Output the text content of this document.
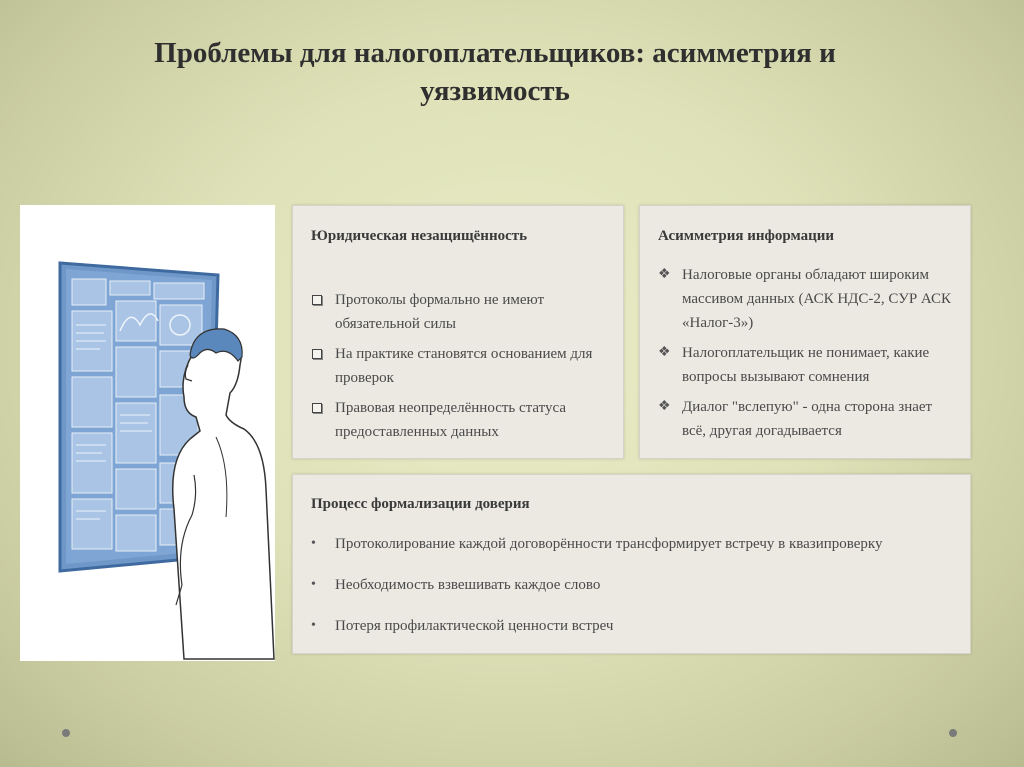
Проблемы для налогоплательщиков: асимметрия и уязвимость
Юридическая незащищённость
Протоколы формально не имеют обязательной силы
На практике становятся основанием для проверок
Правовая неопределённость статуса предоставленных данных
Асимметрия информации
❖ Налоговые органы обладают широким массивом данных (АСК НДС-2, СУР АСК «Налог-3»)
❖ Налогоплательщик не понимает, какие вопросы вызывают сомнения
❖ Диалог "вслепую" - одна сторона знает всё, другая догадывается
Процесс формализации доверия
• Протоколирование каждой договорённости трансформирует встречу в квазипроверку
• Необходимость взвешивать каждое слово
• Потеря профилактической ценности встреч
